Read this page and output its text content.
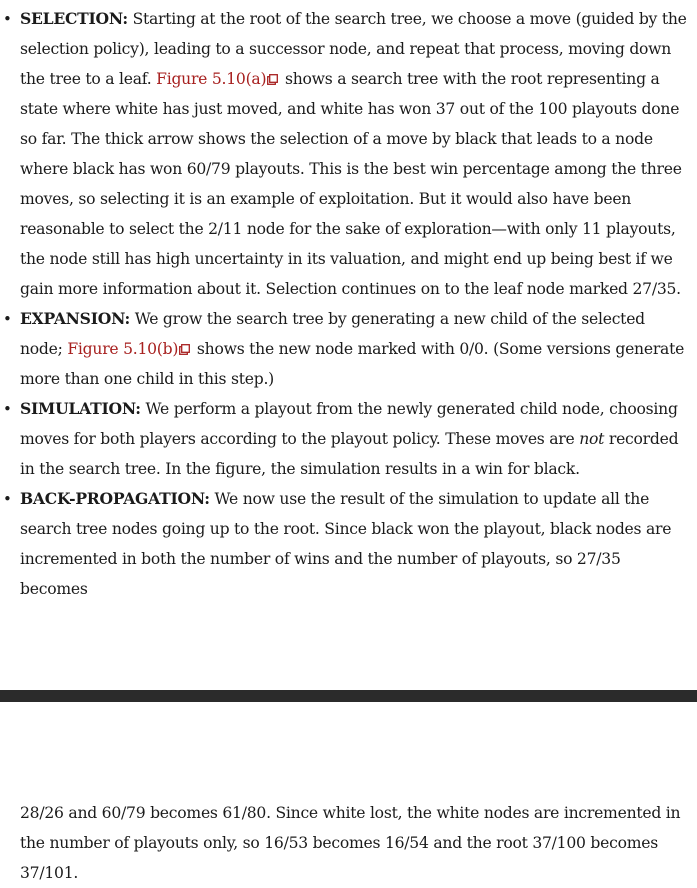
• SELECTION: Starting at the root of the search tree, we choose a move (guided by the selection policy), leading to a successor node, and repeat that process, moving down the tree to a leaf. Figure 5.10(a) shows a search tree with the root representing a state where white has just moved, and white has won 37 out of the 100 playouts done so far. The thick arrow shows the selection of a move by black that leads to a node where black has won 60/79 playouts. This is the best win percentage among the three moves, so selecting it is an example of exploitation. But it would also have been reasonable to select the 2/11 node for the sake of exploration—with only 11 playouts, the node still has high uncertainty in its valuation, and might end up being best if we gain more information about it. Selection continues on to the leaf node marked 27/35.
• EXPANSION: We grow the search tree by generating a new child of the selected node; Figure 5.10(b) shows the new node marked with 0/0. (Some versions generate more than one child in this step.)
• SIMULATION: We perform a playout from the newly generated child node, choosing moves for both players according to the playout policy. These moves are not recorded in the search tree. In the figure, the simulation results in a win for black.
• BACK-PROPAGATION: We now use the result of the simulation to update all the search tree nodes going up to the root. Since black won the playout, black nodes are incremented in both the number of wins and the number of playouts, so 27/35 becomes

28/26 and 60/79 becomes 61/80. Since white lost, the white nodes are incremented in the number of playouts only, so 16/53 becomes 16/54 and the root 37/100 becomes 37/101.
